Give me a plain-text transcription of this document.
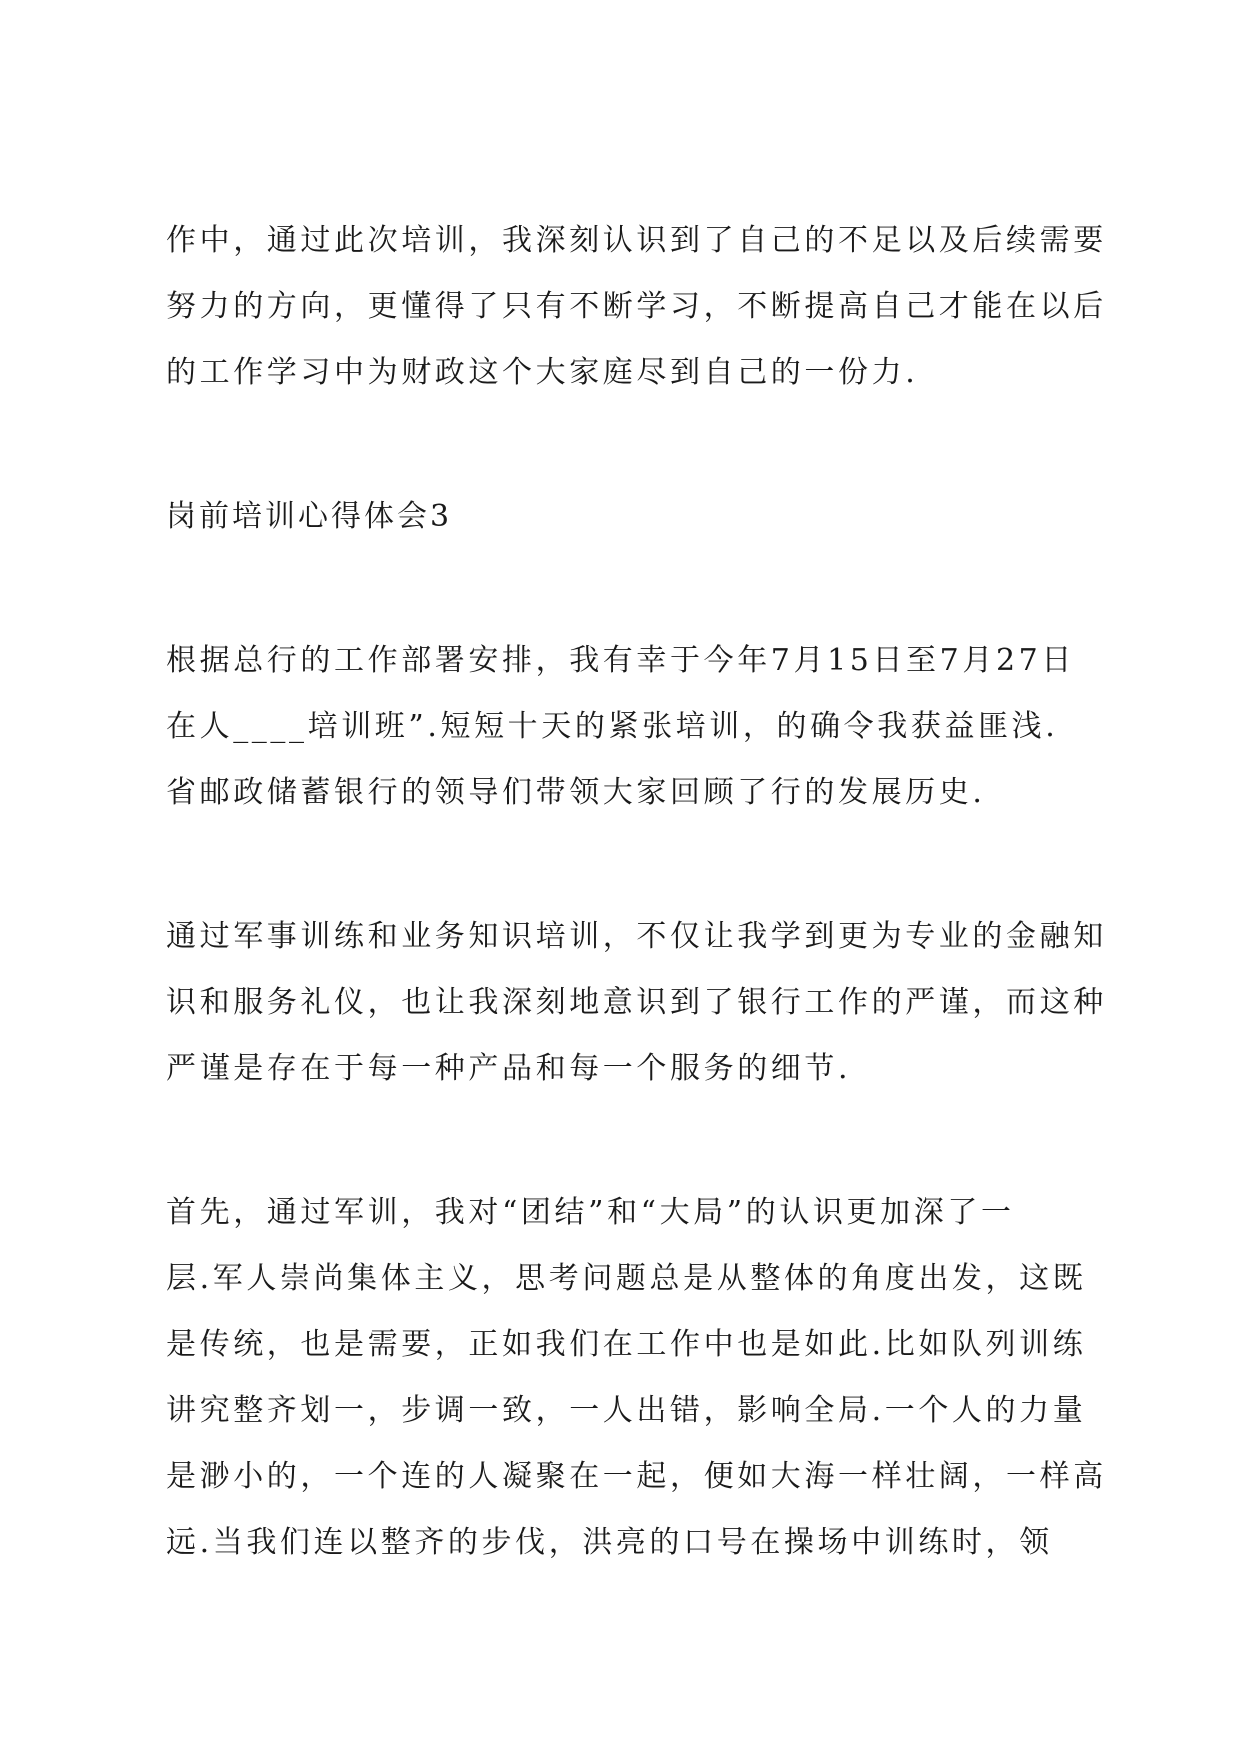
作中，通过此次培训，我深刻认识到了自己的不足以及后续需要

努力的方向，更懂得了只有不断学习，不断提高自己才能在以后

的工作学习中为财政这个大家庭尽到自己的一份力.

岗前培训心得体会3

根据总行的工作部署安排，我有幸于今年7月15日至7月27日

在人____培训班”.短短十天的紧张培训，的确令我获益匪浅.

省邮政储蓄银行的领导们带领大家回顾了行的发展历史.

通过军事训练和业务知识培训，不仅让我学到更为专业的金融知

识和服务礼仪，也让我深刻地意识到了银行工作的严谨，而这种

严谨是存在于每一种产品和每一个服务的细节.

首先，通过军训，我对“团结”和“大局”的认识更加深了一

层.军人崇尚集体主义，思考问题总是从整体的角度出发，这既

是传统，也是需要，正如我们在工作中也是如此.比如队列训练

讲究整齐划一，步调一致，一人出错，影响全局.一个人的力量

是渺小的，一个连的人凝聚在一起，便如大海一样壮阔，一样高

远.当我们连以整齐的步伐，洪亮的口号在操场中训练时，领
